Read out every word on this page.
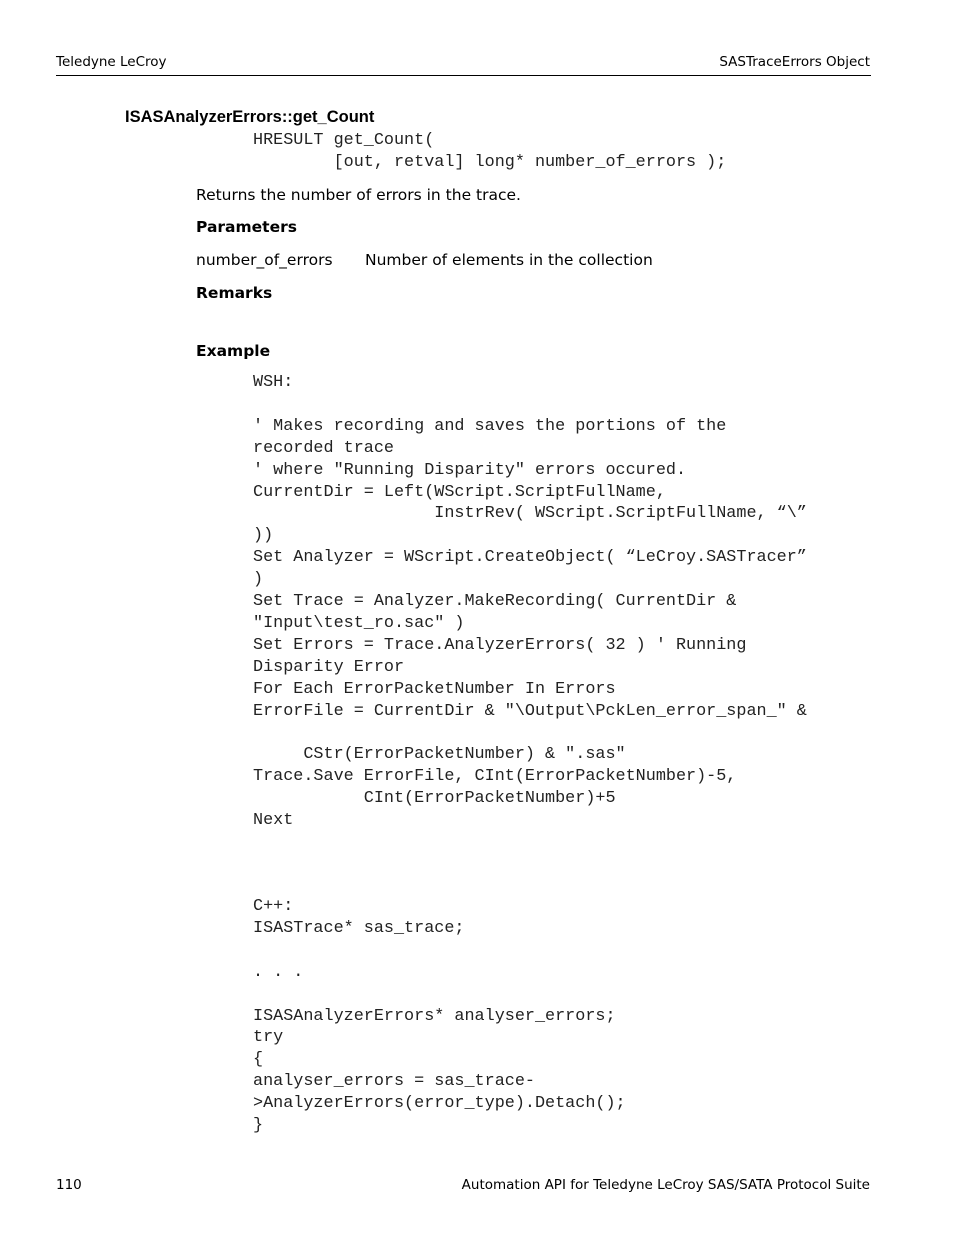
Teledyne LeCroy	SASTraceErrors Object
ISASAnalyzerErrors::get_Count
HRESULT get_Count(
[out, retval] long* number_of_errors );
Returns the number of errors in the trace.
Parameters
number_of_errors Number of elements in the collection
Remarks
Example
WSH:

' Makes recording and saves the portions of the
recorded trace
' where "Running Disparity" errors occured.
CurrentDir = Left(WScript.ScriptFullName,
InstrRev( WScript.ScriptFullName, “\”
))
Set Analyzer = WScript.CreateObject( “LeCroy.SASTracer”
)
Set Trace = Analyzer.MakeRecording( CurrentDir &
"Input\test_ro.sac" )
Set Errors = Trace.AnalyzerErrors( 32 ) ' Running
Disparity Error
For Each ErrorPacketNumber In Errors
ErrorFile = CurrentDir & "\Output\PckLen_error_span_" &

CStr(ErrorPacketNumber) & ".sas"
Trace.Save ErrorFile, CInt(ErrorPacketNumber)-5,
CInt(ErrorPacketNumber)+5
Next
C++:
ISASTrace* sas_trace;

. . .

ISASAnalyzerErrors* analyser_errors;
try
{
analyser_errors = sas_trace-
>AnalyzerErrors(error_type).Detach();
}
110	Automation API for Teledyne LeCroy SAS/SATA Protocol Suite
